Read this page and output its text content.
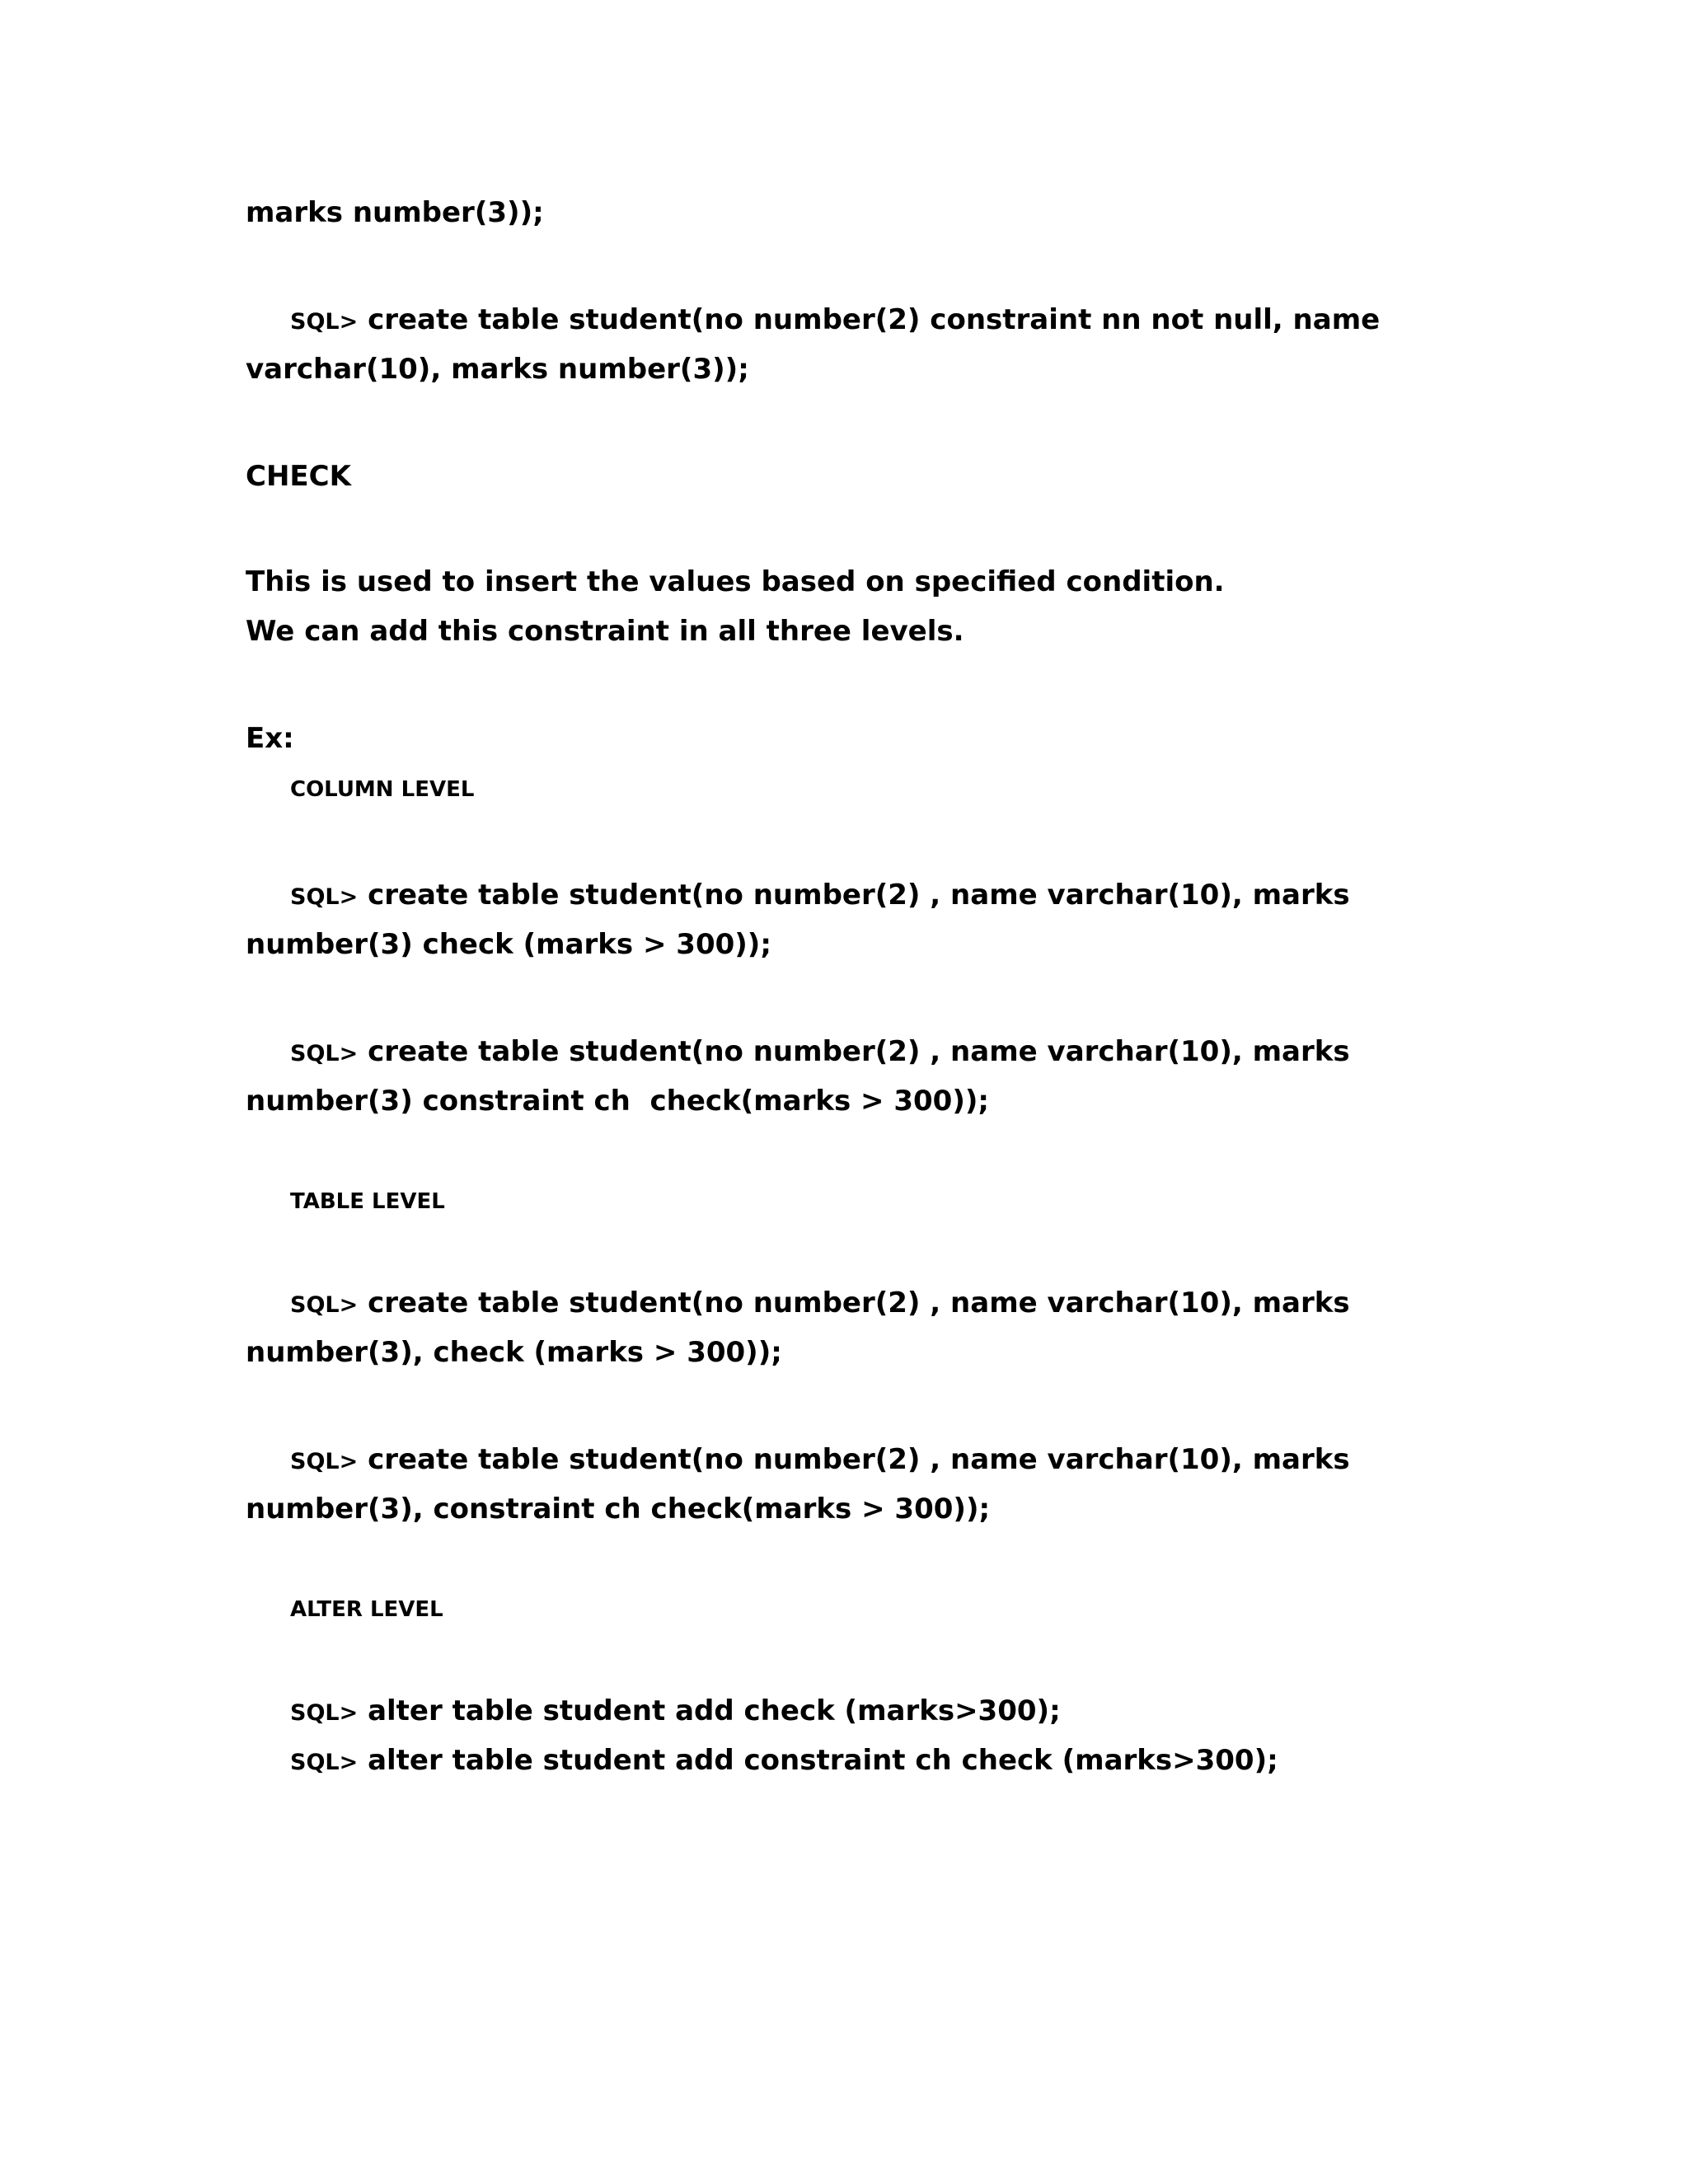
marks number(3));
SQL> create table student(no number(2) constraint nn not null, name
varchar(10), marks number(3));
CHECK
This is used to insert the values based on specified condition.
We can add this constraint in all three levels.
Ex:
COLUMN LEVEL
SQL> create table student(no number(2) , name varchar(10), marks
number(3) check (marks > 300));
SQL> create table student(no number(2) , name varchar(10), marks
number(3) constraint ch  check(marks > 300));
TABLE LEVEL
SQL> create table student(no number(2) , name varchar(10), marks
number(3), check (marks > 300));
SQL> create table student(no number(2) , name varchar(10), marks
number(3), constraint ch check(marks > 300));
ALTER LEVEL
SQL> alter table student add check (marks>300);
SQL> alter table student add constraint ch check (marks>300);
